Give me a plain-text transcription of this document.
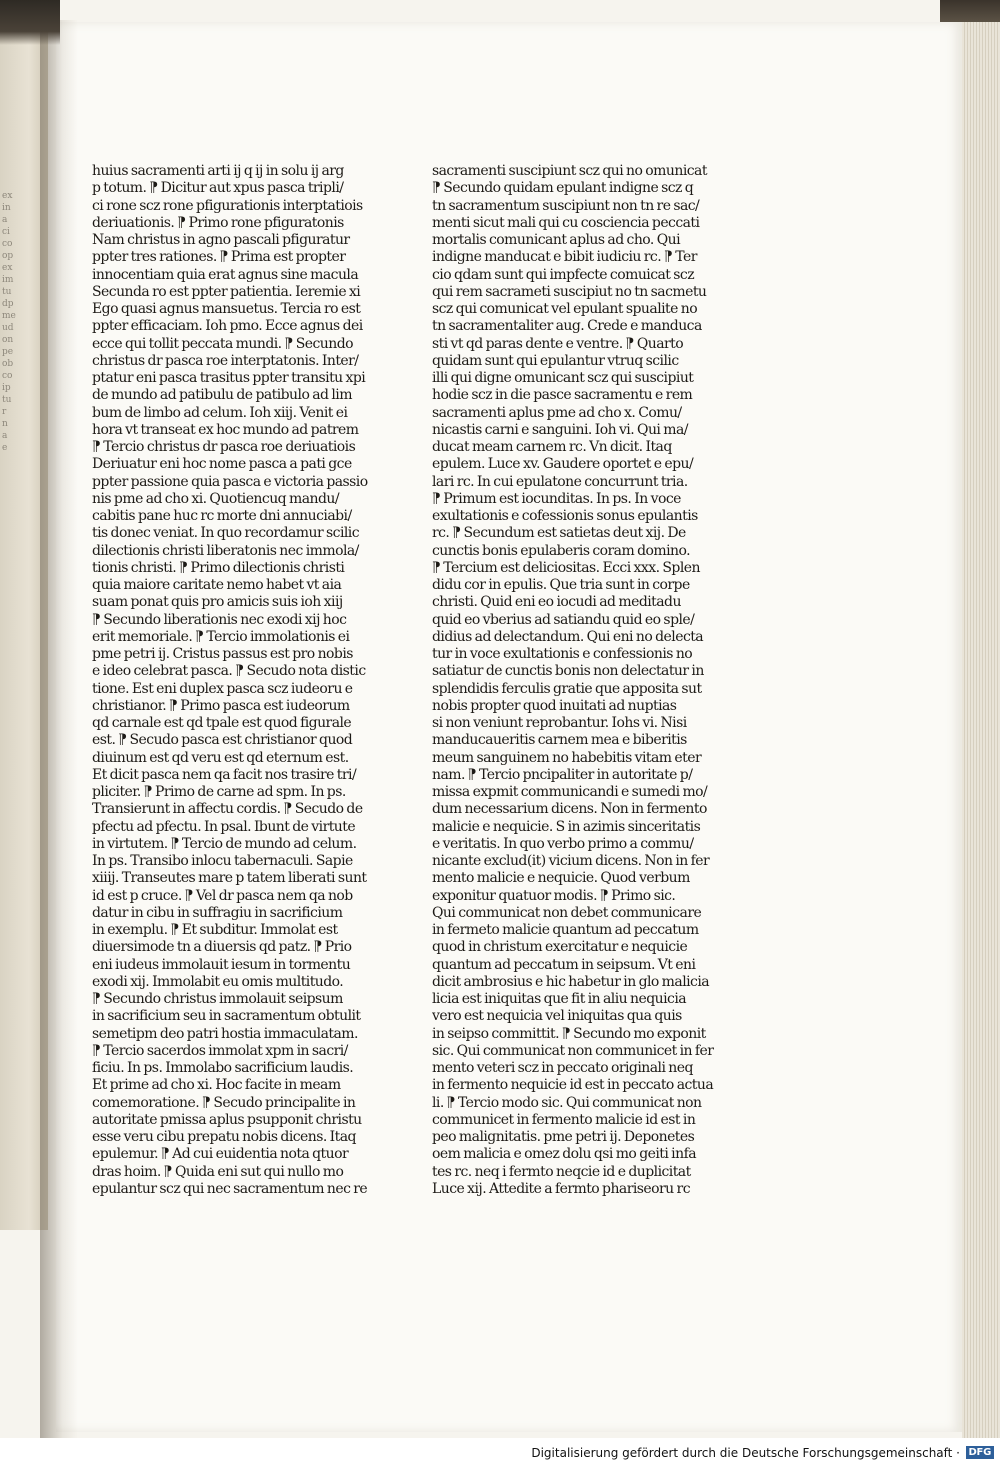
ex
in
a
ci
co
op
ex
im
tu
dp
me
ud
on
pe
ob
co
ip
tu
r
n
a
e
huius sacramenti arti ij q ij in solu ij arg
p totum. ⁋ Dicitur aut xpus pasca tripli/
ci rone scz rone pfigurationis interptatiois
deriuationis. ⁋ Primo rone pfiguratonis
Nam christus in agno pascali pfiguratur
ppter tres rationes. ⁋ Prima est propter
innocentiam quia erat agnus sine macula
Secunda ro est ppter patientia. Ieremie xi
Ego quasi agnus mansuetus. Tercia ro est
ppter efficaciam. Ioh pmo. Ecce agnus dei
ecce qui tollit peccata mundi. ⁋ Secundo
christus dr pasca roe interptatonis. Inter/
ptatur eni pasca trasitus ppter transitu xpi
de mundo ad patibulu de patibulo ad lim
bum de limbo ad celum. Ioh xiij. Venit ei
hora vt transeat ex hoc mundo ad patrem
⁋ Tercio christus dr pasca roe deriuatiois
Deriuatur eni hoc nome pasca a pati gce
ppter passione quia pasca e victoria passio
nis pme ad cho xi. Quotiencuq mandu/
cabitis pane huc rc morte dni annuciabi/
tis donec veniat. In quo recordamur scilic
dilectionis christi liberatonis nec immola/
tionis christi. ⁋ Primo dilectionis christi
quia maiore caritate nemo habet vt aia
suam ponat quis pro amicis suis ioh xiij
⁋ Secundo liberationis nec exodi xij hoc
erit memoriale. ⁋ Tercio immolationis ei
pme petri ij. Cristus passus est pro nobis
e ideo celebrat pasca. ⁋ Secudo nota distic
tione. Est eni duplex pasca scz iudeoru e
christianor. ⁋ Primo pasca est iudeorum
qd carnale est qd tpale est quod figurale
est. ⁋ Secudo pasca est christianor quod
diuinum est qd veru est qd eternum est.
Et dicit pasca nem qa facit nos trasire tri/
pliciter. ⁋ Primo de carne ad spm. In ps.
Transierunt in affectu cordis. ⁋ Secudo de
pfectu ad pfectu. In psal. Ibunt de virtute
in virtutem. ⁋ Tercio de mundo ad celum.
In ps. Transibo inlocu tabernaculi. Sapie
xiiij. Transeutes mare p tatem liberati sunt
id est p cruce. ⁋ Vel dr pasca nem qa nob
datur in cibu in suffragiu in sacrificium
in exemplu. ⁋ Et subditur. Immolat est
diuersimode tn a diuersis qd patz. ⁋ Prio
eni iudeus immolauit iesum in tormentu
exodi xij. Immolabit eu omis multitudo.
⁋ Secundo christus immolauit seipsum
in sacrificium seu in sacramentum obtulit
semetipm deo patri hostia immaculatam.
⁋ Tercio sacerdos immolat xpm in sacri/
ficiu. In ps. Immolabo sacrificium laudis.
Et prime ad cho xi. Hoc facite in meam
comemoratione. ⁋ Secudo principalite in
autoritate pmissa aplus psupponit christu
esse veru cibu prepatu nobis dicens. Itaq
epulemur. ⁋ Ad cui euidentia nota qtuor
dras hoim. ⁋ Quida eni sut qui nullo mo
epulantur scz qui nec sacramentum nec re
sacramenti suscipiunt scz qui no omunicat
⁋ Secundo quidam epulant indigne scz q
tn sacramentum suscipiunt non tn re sac/
menti sicut mali qui cu cosciencia peccati
mortalis comunicant aplus ad cho. Qui
indigne manducat e bibit iudiciu rc. ⁋ Ter
cio qdam sunt qui impfecte comuicat scz
qui rem sacrameti suscipiut no tn sacmetu
scz qui comunicat vel epulant spualite no
tn sacramentaliter aug. Crede e manduca
sti vt qd paras dente e ventre. ⁋ Quarto
quidam sunt qui epulantur vtruq scilic
illi qui digne omunicant scz qui suscipiut
hodie scz in die pasce sacramentu e rem
sacramenti aplus pme ad cho x. Comu/
nicastis carni e sanguini. Ioh vi. Qui ma/
ducat meam carnem rc. Vn dicit. Itaq
epulem. Luce xv. Gaudere oportet e epu/
lari rc. In cui epulatone concurrunt tria.
⁋ Primum est iocunditas. In ps. In voce
exultationis e cofessionis sonus epulantis
rc. ⁋ Secundum est satietas deut xij. De
cunctis bonis epulaberis coram domino.
⁋ Tercium est deliciositas. Ecci xxx. Splen
didu cor in epulis. Que tria sunt in corpe
christi. Quid eni eo iocudi ad meditadu
quid eo vberius ad satiandu quid eo sple/
didius ad delectandum. Qui eni no delecta
tur in voce exultationis e confessionis no
satiatur de cunctis bonis non delectatur in
splendidis ferculis gratie que apposita sut
nobis propter quod inuitati ad nuptias
si non veniunt reprobantur. Iohs vi. Nisi
manducaueritis carnem mea e biberitis
meum sanguinem no habebitis vitam eter
nam. ⁋ Tercio pncipaliter in autoritate p/
missa expmit communicandi e sumedi mo/
dum necessarium dicens. Non in fermento
malicie e nequicie. S in azimis sinceritatis
e veritatis. In quo verbo primo a commu/
nicante exclud(it) vicium dicens. Non in fer
mento malicie e nequicie. Quod verbum
exponitur quatuor modis. ⁋ Primo sic.
Qui communicat non debet communicare
in fermeto malicie quantum ad peccatum
quod in christum exercitatur e nequicie
quantum ad peccatum in seipsum. Vt eni
dicit ambrosius e hic habetur in glo malicia
licia est iniquitas que fit in aliu nequicia
vero est nequicia vel iniquitas qua quis
in seipso committit. ⁋ Secundo mo exponit
sic. Qui communicat non communicet in fer
mento veteri scz in peccato originali neq
in fermento nequicie id est in peccato actua
li. ⁋ Tercio modo sic. Qui communicat non
communicet in fermento malicie id est in
peo malignitatis. pme petri ij. Deponetes
oem malicia e omez dolu qsi mo geiti infa
tes rc. neq i fermto neqcie id e duplicitat
Luce xij. Attedite a fermto phariseoru rc
Digitalisierung gefördert durch die Deutsche Forschungsgemeinschaft · DFG
